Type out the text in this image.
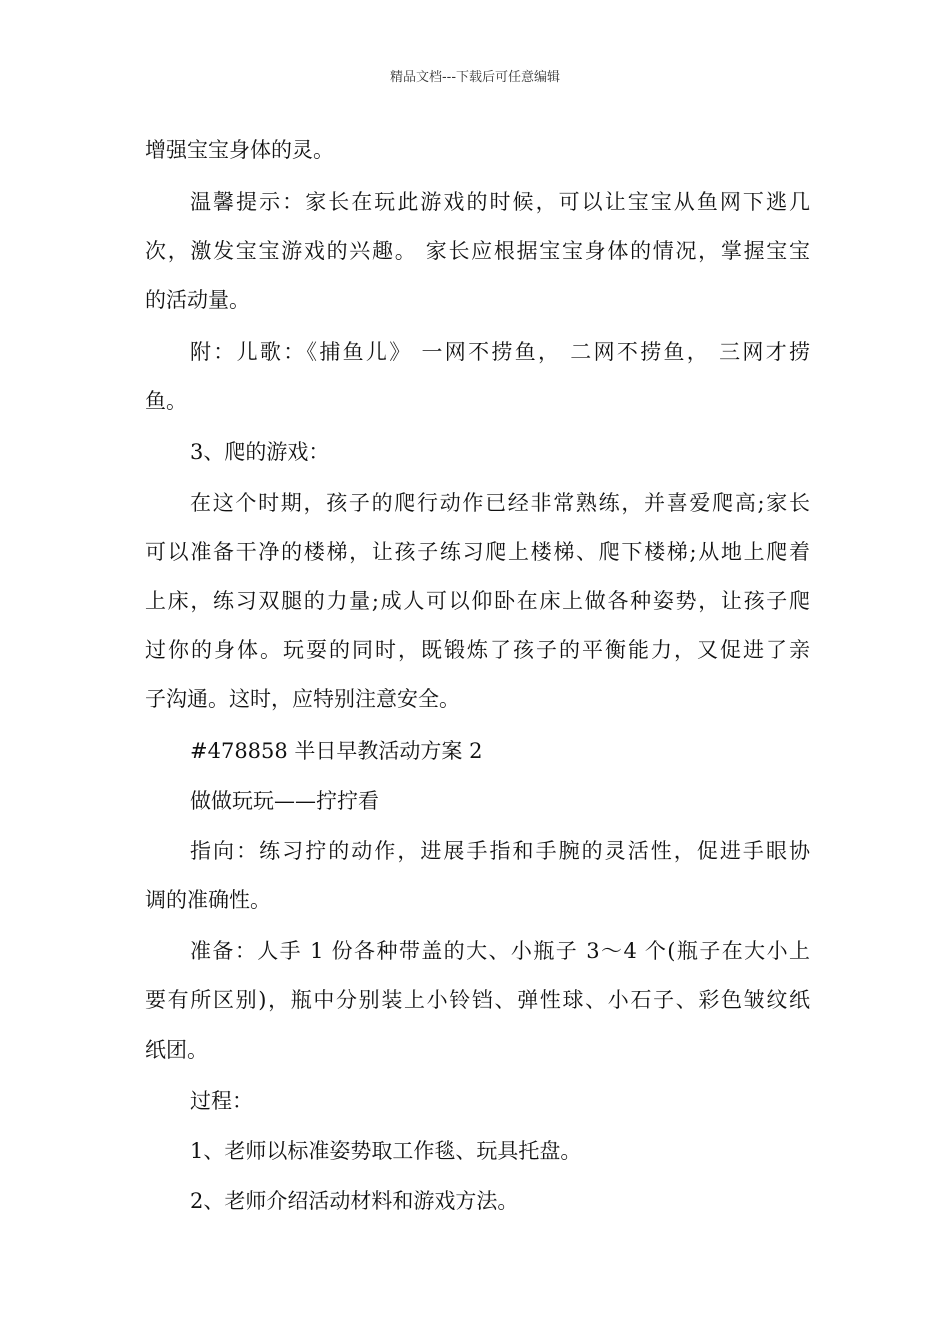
精品文档---下载后可任意编辑
增强宝宝身体的灵。
温馨提示：家长在玩此游戏的时候，可以让宝宝从鱼网下逃几
次，激发宝宝游戏的兴趣。 家长应根据宝宝身体的情况，掌握宝宝
的活动量。
附：儿歌：《捕鱼儿》 一网不捞鱼， 二网不捞鱼， 三网才捞
鱼。
3、爬的游戏：
在这个时期，孩子的爬行动作已经非常熟练，并喜爱爬高;家长
可以准备干净的楼梯，让孩子练习爬上楼梯、爬下楼梯;从地上爬着
上床，练习双腿的力量;成人可以仰卧在床上做各种姿势，让孩子爬
过你的身体。玩耍的同时，既锻炼了孩子的平衡能力，又促进了亲
子沟通。这时，应特别注意安全。
#478858 半日早教活动方案 2
做做玩玩——拧拧看
指向：练习拧的动作，进展手指和手腕的灵活性，促进手眼协
调的准确性。
准备：人手 1 份各种带盖的大、小瓶子 3～4 个(瓶子在大小上
要有所区别)，瓶中分别装上小铃铛、弹性球、小石子、彩色皱纹纸
纸团。
过程：
1、老师以标准姿势取工作毯、玩具托盘。
2、老师介绍活动材料和游戏方法。
